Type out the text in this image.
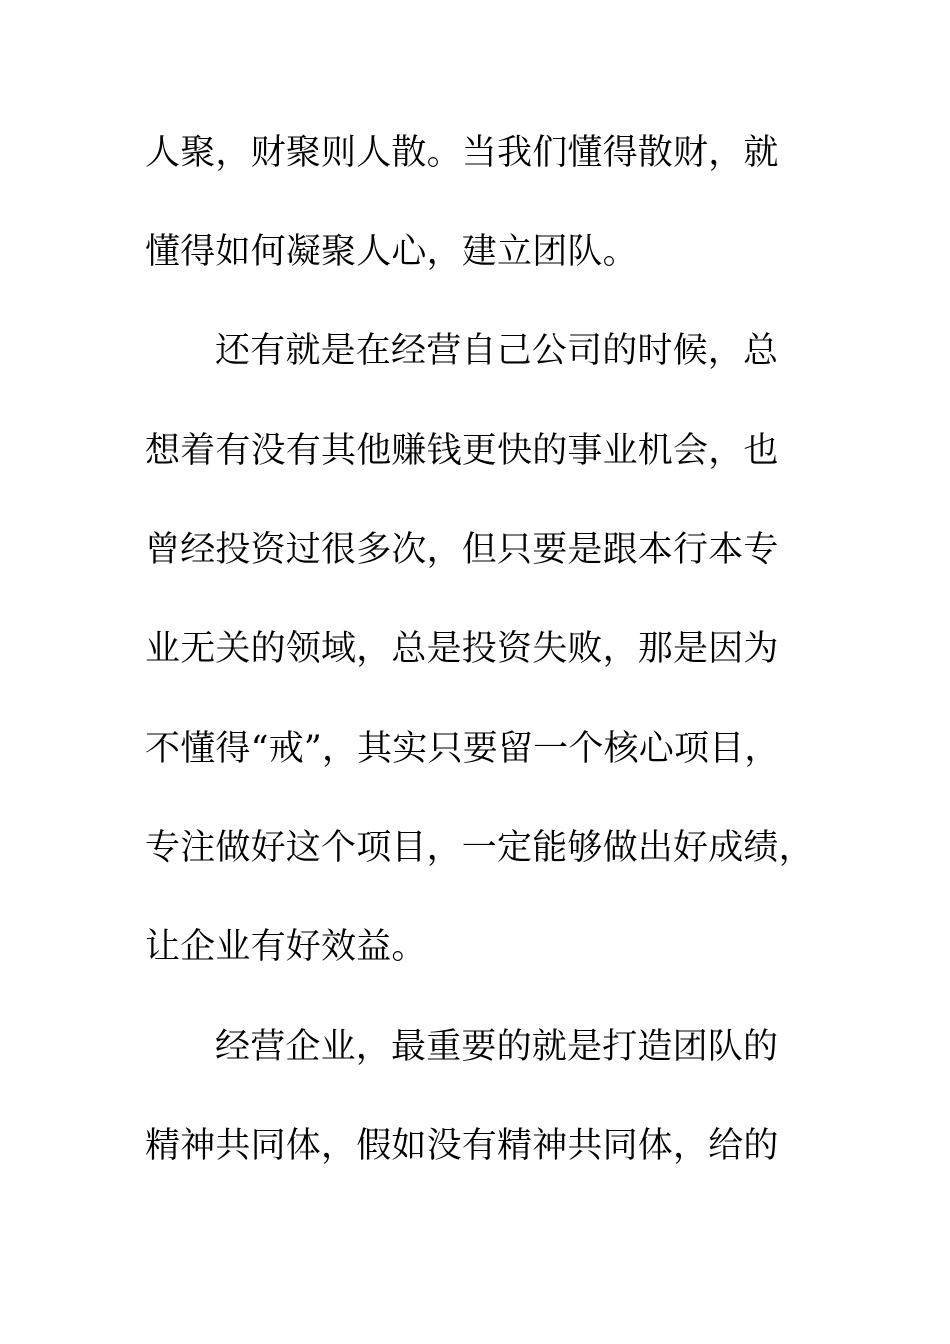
人聚，财聚则人散。当我们懂得散财，就
懂得如何凝聚人心，建立团队。
还有就是在经营自己公司的时候，总
想着有没有其他赚钱更快的事业机会，也
曾经投资过很多次，但只要是跟本行本专
业无关的领域，总是投资失败，那是因为
不懂得“戒”，其实只要留一个核心项目，
专注做好这个项目，一定能够做出好成绩，
让企业有好效益。
经营企业，最重要的就是打造团队的
精神共同体，假如没有精神共同体，给的
